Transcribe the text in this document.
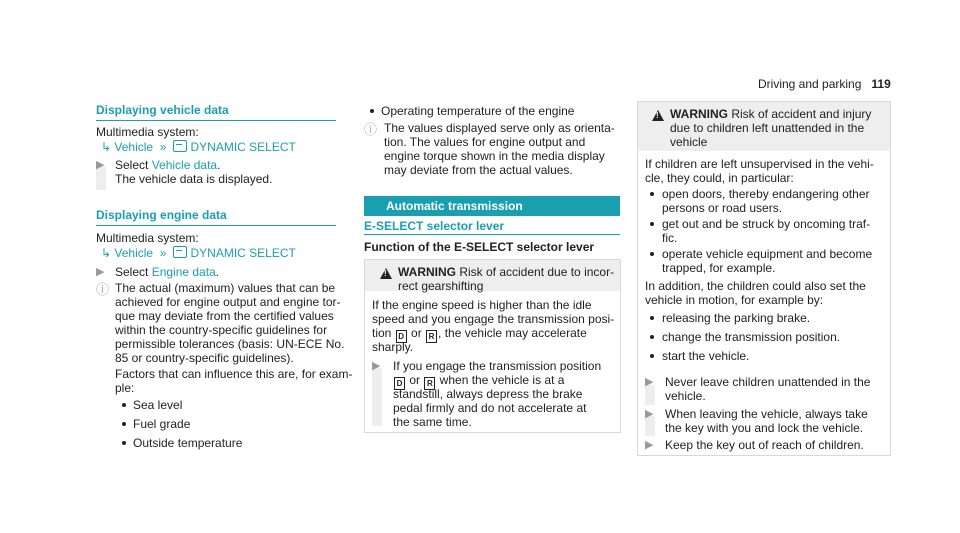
Driving and parking 119
Displaying vehicle data
Multimedia system:
↳ Vehicle  »   DYNAMIC SELECT
▶ Select Vehicle data.
The vehicle data is displayed.
Displaying engine data
Multimedia system:
↳ Vehicle  »   DYNAMIC SELECT
▶ Select Engine data.
ⓘ The actual (maximum) values that can be
achieved for engine output and engine tor-
que may deviate from the certified values
within the country-specific guidelines for
permissible tolerances (basis: UN-ECE No.
85 or country-specific guidelines).
Factors that can influence this are, for exam-
ple:
Sea level
Fuel grade
Outside temperature
Operating temperature of the engine
ⓘ The values displayed serve only as orienta-
tion. The values for engine output and
engine torque shown in the media display
may deviate from the actual values.
Automatic transmission
E-SELECT selector lever
Function of the E-SELECT selector lever
!
WARNING Risk of accident due to incor-
rect gearshifting
If the engine speed is higher than the idle
speed and you engage the transmission posi-
tion D or R , the vehicle may accelerate
sharply.
▶ If you engage the transmission position
D or R when the vehicle is at a
standstill, always depress the brake
pedal firmly and do not accelerate at
the same time.
!
WARNING Risk of accident and injury
due to children left unattended in the
vehicle
If children are left unsupervised in the vehi-
cle, they could, in particular:
open doors, thereby endangering other
persons or road users.
get out and be struck by oncoming traf-
fic.
operate vehicle equipment and become
trapped, for example.
In addition, the children could also set the
vehicle in motion, for example by:
releasing the parking brake.
change the transmission position.
start the vehicle.
▶ Never leave children unattended in the
vehicle.
▶ When leaving the vehicle, always take
the key with you and lock the vehicle.
▶ Keep the key out of reach of children.
